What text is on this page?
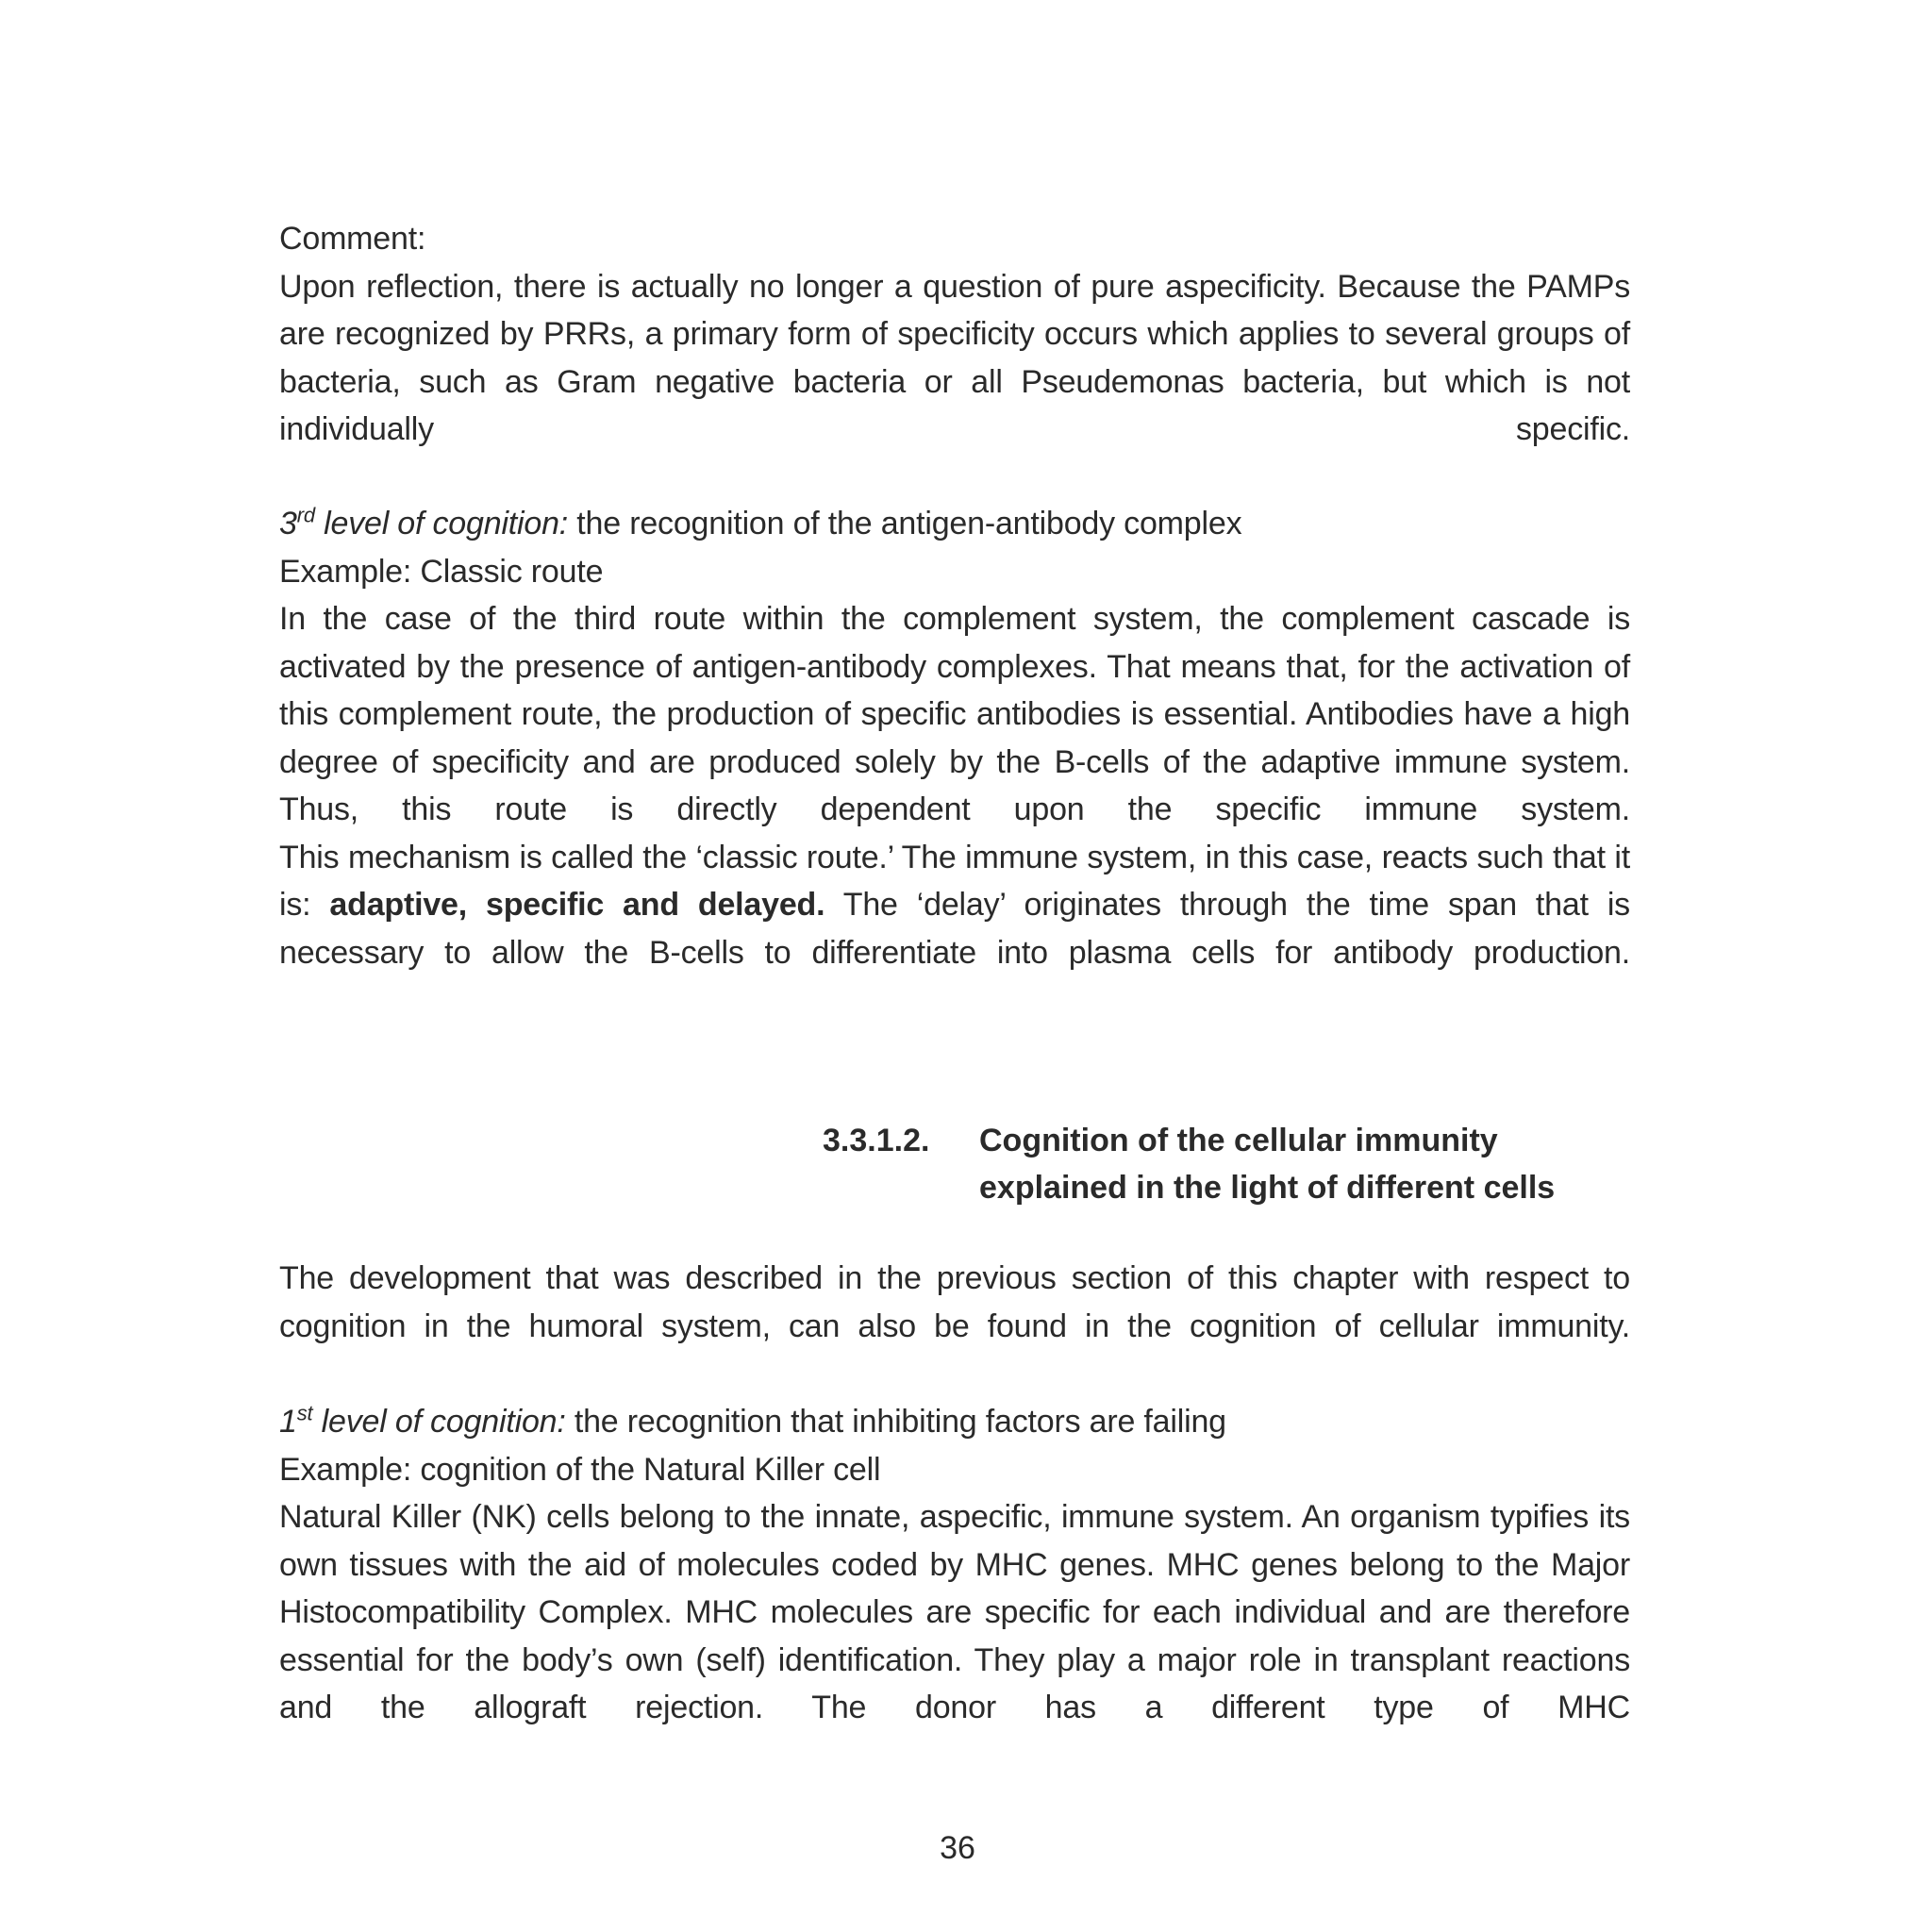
Comment:

Upon reflection, there is actually no longer a question of pure aspecificity. Because the PAMPs are recognized by PRRs, a primary form of specificity occurs which applies to several groups of bacteria, such as Gram negative bacteria or all Pseudemonas bacteria, but which is not individually specific.

3rd level of cognition: the recognition of the antigen-antibody complex
Example: Classic route

In the case of the third route within the complement system, the complement cascade is activated by the presence of antigen-antibody complexes. That means that, for the activation of this complement route, the production of specific antibodies is essential. Antibodies have a high degree of specificity and are produced solely by the B-cells of the adaptive immune system. Thus, this route is directly dependent upon the specific immune system.

This mechanism is called the ‘classic route.’ The immune system, in this case, reacts such that it is: adaptive, specific and delayed. The ‘delay’ originates through the time span that is necessary to allow the B-cells to differentiate into plasma cells for antibody production.

3.3.1.2.	Cognition of the cellular immunity
explained in the light of different cells

The development that was described in the previous section of this chapter with respect to cognition in the humoral system, can also be found in the cognition of cellular immunity.

1st level of cognition: the recognition that inhibiting factors are failing
Example: cognition of the Natural Killer cell

Natural Killer (NK) cells belong to the innate, aspecific, immune system. An organism typifies its own tissues with the aid of molecules coded by MHC genes. MHC genes belong to the Major Histocompatibility Complex. MHC molecules are specific for each individual and are therefore essential for the body’s own (self) identification. They play a major role in transplant reactions and the allograft rejection. The donor has a different type of MHC

36
